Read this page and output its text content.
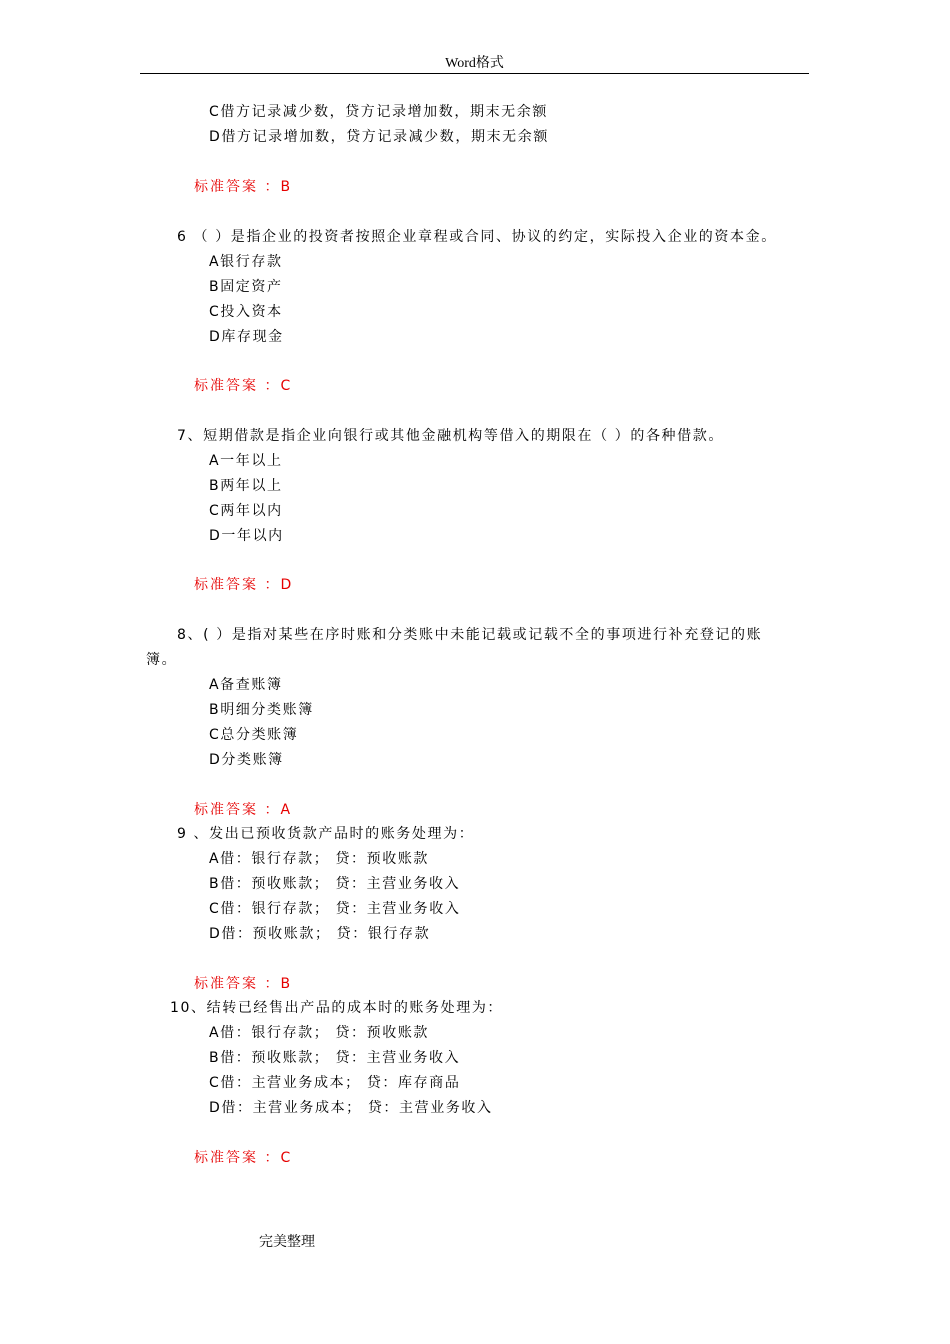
Word格式
C借方记录减少数，贷方记录增加数，期末无余额
D借方记录增加数，贷方记录减少数，期末无余额
标准答案 ：B
6 （ ）是指企业的投资者按照企业章程或合同、协议的约定，实际投入企业的资本金。
A银行存款
B固定资产
C投入资本
D库存现金
标准答案 ：C
7、短期借款是指企业向银行或其他金融机构等借入的期限在（ ）的各种借款。
A一年以上
B两年以上
C两年以内
D一年以内
标准答案 ：D
8、( ）是指对某些在序时账和分类账中未能记载或记载不全的事项进行补充登记的账
簿。
A备查账簿
B明细分类账簿
C总分类账簿
D分类账簿
标准答案 ：A
9 、发出已预收货款产品时的账务处理为：
A借：银行存款； 贷：预收账款
B借：预收账款； 贷：主营业务收入
C借：银行存款； 贷：主营业务收入
D借：预收账款； 贷：银行存款
标准答案 ：B
10、结转已经售出产品的成本时的账务处理为：
A借：银行存款； 贷：预收账款
B借：预收账款； 贷：主营业务收入
C借：主营业务成本； 贷：库存商品
D借：主营业务成本； 贷：主营业务收入
标准答案 ：C
完美整理
